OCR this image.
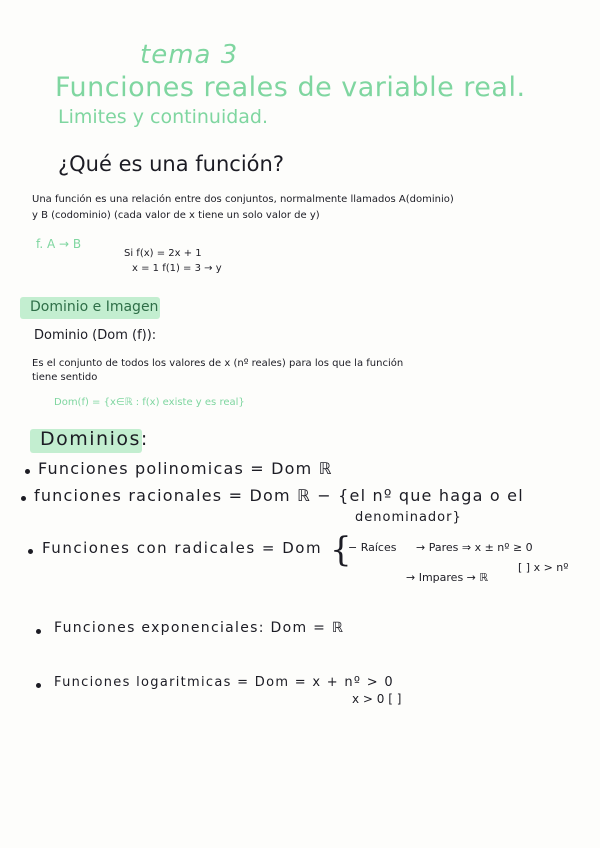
tema 3
Funciones reales de variable real.
Limites y continuidad.
¿Qué es una función?
Una función es una relación entre dos conjuntos, normalmente llamados A(dominio)
y B (codominio) (cada valor de x tiene un solo valor de y)
f. A → B
Si f(x) = 2x + 1
x = 1 f(1) = 3 → y
Dominio e Imagen
Dominio (Dom (f)):
Es el conjunto de todos los valores de x (nº reales) para los que la función
tiene sentido
Dom(f) = {x∈ℝ : f(x) existe y es real}
Dominios:
Funciones polinomicas = Dom ℝ
funciones racionales = Dom ℝ − {el nº que haga o el
denominador}
Funciones con radicales = Dom {
− Raíces → Pares ⇒ x ± nº ≥ 0
[ ] x > nº
→ Impares → ℝ
Funciones exponenciales: Dom = ℝ
Funciones logaritmicas = Dom = x + nº > 0
x > 0 [ ]
